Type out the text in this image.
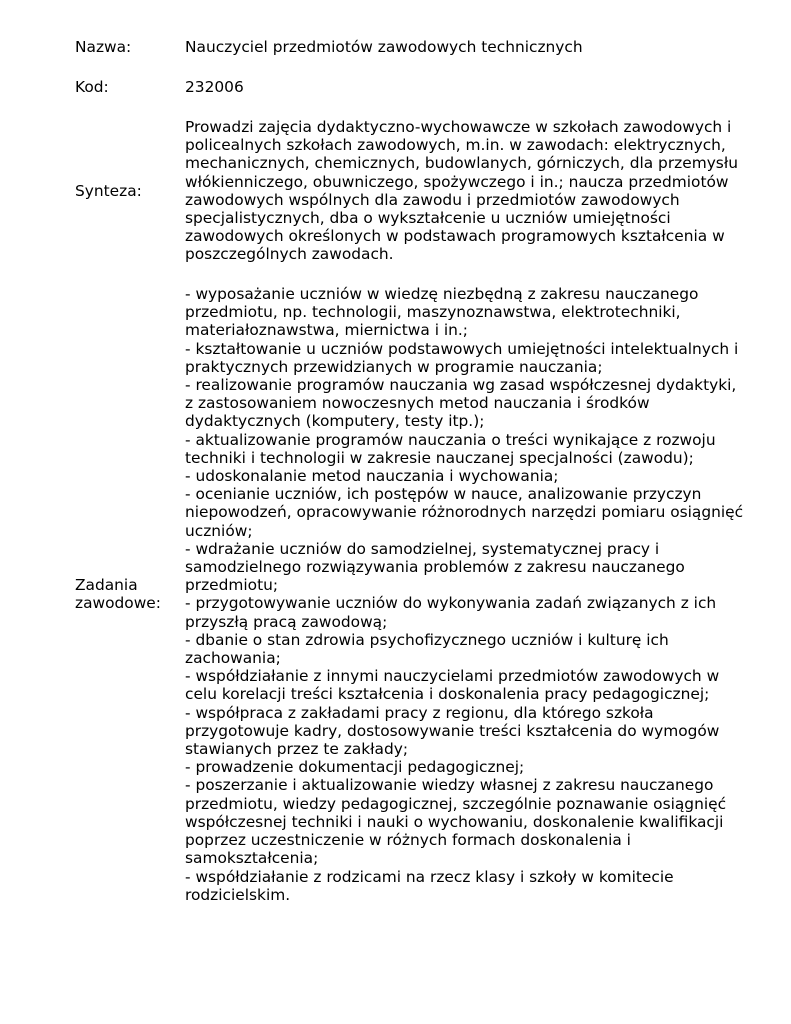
Nazwa:	Nauczyciel przedmiotów zawodowych technicznych
Kod:	232006
Synteza:
Prowadzi zajęcia dydaktyczno-wychowawcze w szkołach zawodowych i
policealnych szkołach zawodowych, m.in. w zawodach: elektrycznych,
mechanicznych, chemicznych, budowlanych, górniczych, dla przemysłu
włókienniczego, obuwniczego, spożywczego i in.; naucza przedmiotów
zawodowych wspólnych dla zawodu i przedmiotów zawodowych
specjalistycznych, dba o wykształcenie u uczniów umiejętności
zawodowych określonych w podstawach programowych kształcenia w
poszczególnych zawodach.
Zadania
zawodowe:
- wyposażanie uczniów w wiedzę niezbędną z zakresu nauczanego
przedmiotu, np. technologii, maszynoznawstwa, elektrotechniki,
materiałoznawstwa, miernictwa i in.;
- kształtowanie u uczniów podstawowych umiejętności intelektualnych i
praktycznych przewidzianych w programie nauczania;
- realizowanie programów nauczania wg zasad współczesnej dydaktyki,
z zastosowaniem nowoczesnych metod nauczania i środków
dydaktycznych (komputery, testy itp.);
- aktualizowanie programów nauczania o treści wynikające z rozwoju
techniki i technologii w zakresie nauczanej specjalności (zawodu);
- udoskonalanie metod nauczania i wychowania;
- ocenianie uczniów, ich postępów w nauce, analizowanie przyczyn
niepowodzeń, opracowywanie różnorodnych narzędzi pomiaru osiągnięć
uczniów;
- wdrażanie uczniów do samodzielnej, systematycznej pracy i
samodzielnego rozwiązywania problemów z zakresu nauczanego
przedmiotu;
- przygotowywanie uczniów do wykonywania zadań związanych z ich
przyszłą pracą zawodową;
- dbanie o stan zdrowia psychofizycznego uczniów i kulturę ich
zachowania;
- współdziałanie z innymi nauczycielami przedmiotów zawodowych w
celu korelacji treści kształcenia i doskonalenia pracy pedagogicznej;
- współpraca z zakładami pracy z regionu, dla którego szkoła
przygotowuje kadry, dostosowywanie treści kształcenia do wymogów
stawianych przez te zakłady;
- prowadzenie dokumentacji pedagogicznej;
- poszerzanie i aktualizowanie wiedzy własnej z zakresu nauczanego
przedmiotu, wiedzy pedagogicznej, szczególnie poznawanie osiągnięć
współczesnej techniki i nauki o wychowaniu, doskonalenie kwalifikacji
poprzez uczestniczenie w różnych formach doskonalenia i
samokształcenia;
- współdziałanie z rodzicami na rzecz klasy i szkoły w komitecie
rodzicielskim.
